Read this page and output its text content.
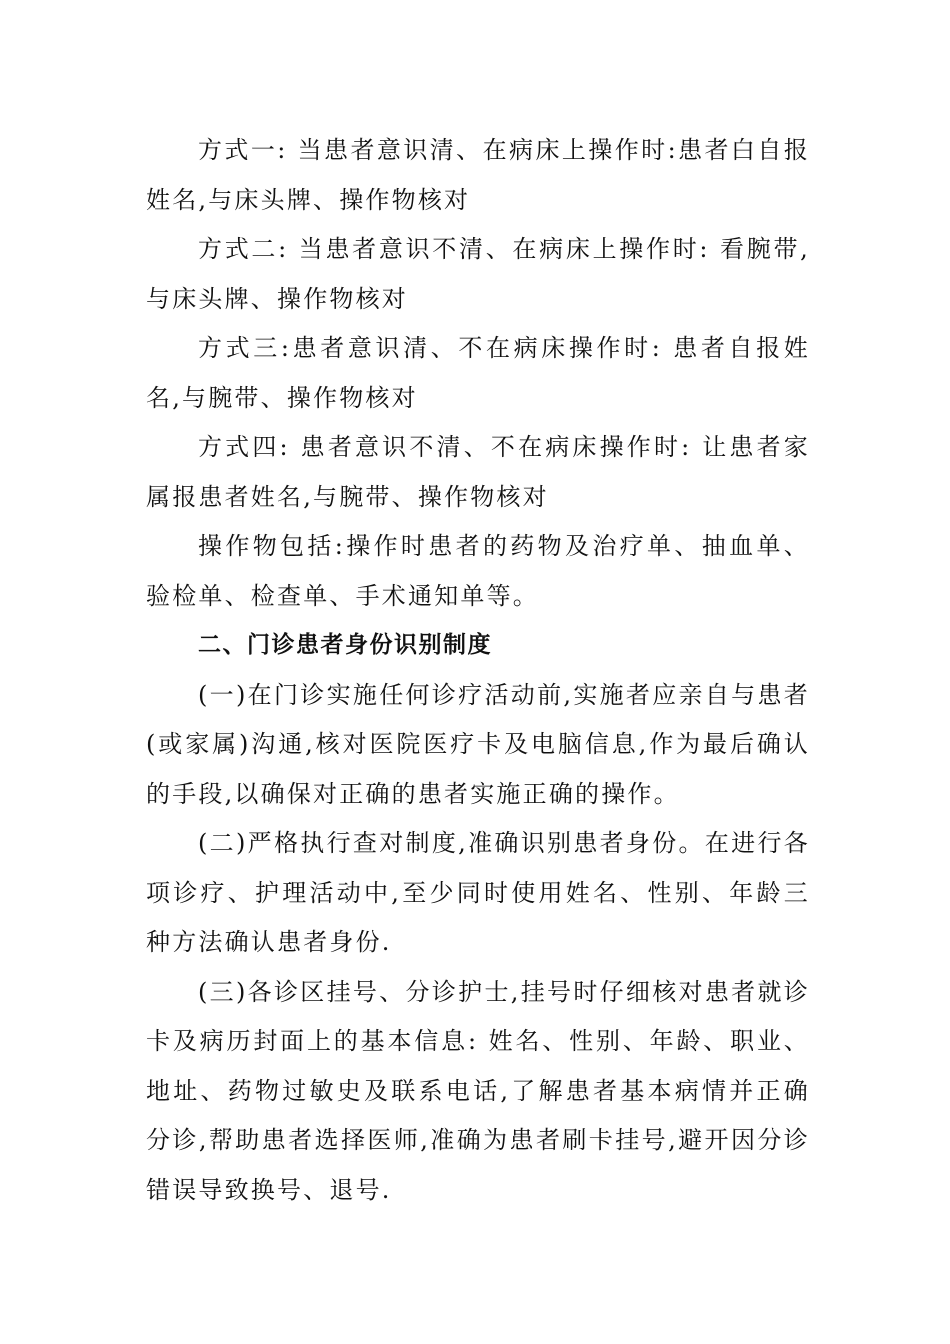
方式一: 当患者意识清、在病床上操作时:患者白自报姓名,与床头牌、操作物核对

方式二: 当患者意识不清、在病床上操作时: 看腕带,与床头牌、操作物核对

方式三:患者意识清、不在病床操作时: 患者自报姓名,与腕带、操作物核对

方式四: 患者意识不清、不在病床操作时: 让患者家属报患者姓名,与腕带、操作物核对

操作物包括:操作时患者的药物及治疗单、抽血单、验检单、检查单、手术通知单等。

二、门诊患者身份识别制度

(一)在门诊实施任何诊疗活动前,实施者应亲自与患者(或家属)沟通,核对医院医疗卡及电脑信息,作为最后确认的手段,以确保对正确的患者实施正确的操作。

(二)严格执行查对制度,准确识别患者身份。在进行各项诊疗、护理活动中,至少同时使用姓名、性别、年龄三种方法确认患者身份.

(三)各诊区挂号、分诊护士,挂号时仔细核对患者就诊卡及病历封面上的基本信息: 姓名、性别、年龄、职业、地址、药物过敏史及联系电话,了解患者基本病情并正确分诊,帮助患者选择医师,准确为患者刷卡挂号,避开因分诊错误导致换号、退号.
